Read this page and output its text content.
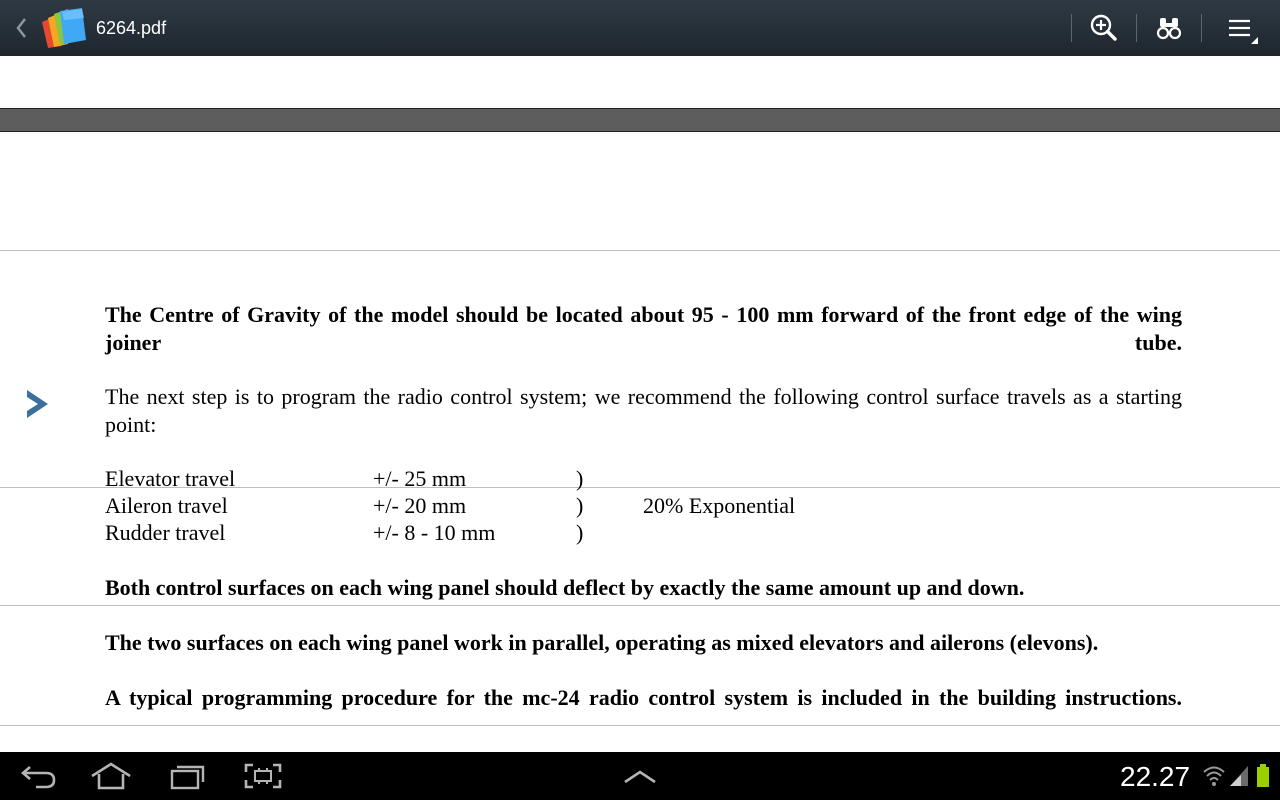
6264.pdf
The Centre of Gravity of the model should be located about 95 - 100 mm forward of the front edge of the wing joiner tube.
The next step is to program the radio control system; we recommend the following control surface travels as a starting point:
Elevator travel	+/- 25 mm	)
Aileron travel	+/- 20 mm	)	20% Exponential
Rudder travel	+/- 8 - 10 mm	)
Both control surfaces on each wing panel should deflect by exactly the same amount up and down.
The two surfaces on each wing panel work in parallel, operating as mixed elevators and ailerons (elevons).
A typical programming procedure for the mc-24 radio control system is included in the building instructions.
22.27
